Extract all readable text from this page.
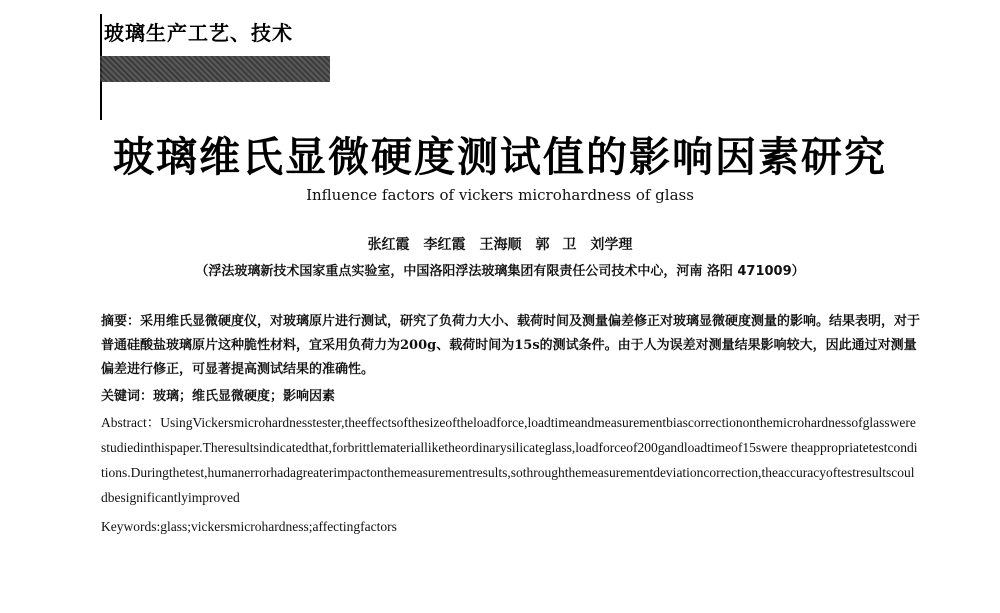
玻璃生产工艺、技术
玻璃维氏显微硬度测试值的影响因素研究
Influence factors of vickers microhardness of glass
张红霞　李红霞　王海顺　郭 卫　刘学理
（浮法玻璃新技术国家重点实验室，中国洛阳浮法玻璃集团有限责任公司技术中心，河南 洛阳 471009）
摘要：采用维氏显微硬度仪，对玻璃原片进行测试，研究了负荷力大小、载荷时间及测量偏差修正对玻璃显微硬度测量的影响。结果表明，对于普通硅酸盐玻璃原片这种脆性材料，宜采用负荷力为200g、载荷时间为15s的测试条件。由于人为误差对测量结果影响较大，因此通过对测量偏差进行修正，可显著提高测试结果的准确性。
关键词：玻璃；维氏显微硬度；影响因素
Abstract：UsingVickersmicrohardnesstester,theeffectsofthesizeoftheloadforce,loadtimeandmeasurementbiascorrectiononthemicrohardnessofglasswerestudiedinthispaper.Theresultsindicatedthat,forbrittlematerialliketheordinarysilicateglass,loadforceof200gandloadtimeof15swere theappropriatetestconditions.Duringthetest,humanerrorhadagreaterimpactonthemeasurementresults,sothroughthemeasurementdeviationcorrection,theaccuracyoftestresultscouldbesignificantlyimproved
Keywords:glass;vickersmicrohardness;affectingfactors
